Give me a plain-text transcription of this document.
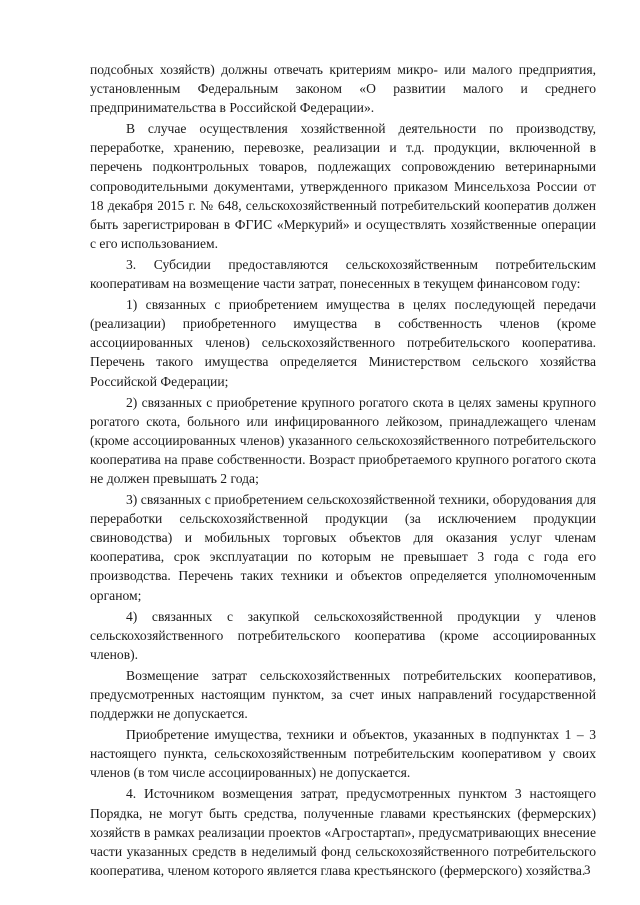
подсобных хозяйств) должны отвечать критериям микро- или малого предприятия, установленным Федеральным законом «О развитии малого и среднего предпринимательства в Российской Федерации».

В случае осуществления хозяйственной деятельности по производству, переработке, хранению, перевозке, реализации и т.д. продукции, включенной в перечень подконтрольных товаров, подлежащих сопровождению ветеринарными сопроводительными документами, утвержденного приказом Минсельхоза России от 18 декабря 2015 г. № 648, сельскохозяйственный потребительский кооператив должен быть зарегистрирован в ФГИС «Меркурий» и осуществлять хозяйственные операции с его использованием.

3. Субсидии предоставляются сельскохозяйственным потребительским кооперативам на возмещение части затрат, понесенных в текущем финансовом году:

1) связанных с приобретением имущества в целях последующей передачи (реализации) приобретенного имущества в собственность членов (кроме ассоциированных членов) сельскохозяйственного потребительского кооператива. Перечень такого имущества определяется Министерством сельского хозяйства Российской Федерации;

2) связанных с приобретение крупного рогатого скота в целях замены крупного рогатого скота, больного или инфицированного лейкозом, принадлежащего членам (кроме ассоциированных членов) указанного сельскохозяйственного потребительского кооператива на праве собственности. Возраст приобретаемого крупного рогатого скота не должен превышать 2 года;

3) связанных с приобретением сельскохозяйственной техники, оборудования для переработки сельскохозяйственной продукции (за исключением продукции свиноводства) и мобильных торговых объектов для оказания услуг членам кооператива, срок эксплуатации по которым не превышает 3 года с года его производства. Перечень таких техники и объектов определяется уполномоченным органом;

4) связанных с закупкой сельскохозяйственной продукции у членов сельскохозяйственного потребительского кооператива (кроме ассоциированных членов).

Возмещение затрат сельскохозяйственных потребительских кооперативов, предусмотренных настоящим пунктом, за счет иных направлений государственной поддержки не допускается.

Приобретение имущества, техники и объектов, указанных в подпунктах 1 – 3 настоящего пункта, сельскохозяйственным потребительским кооперативом у своих членов (в том числе ассоциированных) не допускается.

4. Источником возмещения затрат, предусмотренных пунктом 3 настоящего Порядка, не могут быть средства, полученные главами крестьянских (фермерских) хозяйств в рамках реализации проектов «Агростартап», предусматривающих внесение части указанных средств в неделимый фонд сельскохозяйственного потребительского кооператива, членом которого является глава крестьянского (фермерского) хозяйства.

3
